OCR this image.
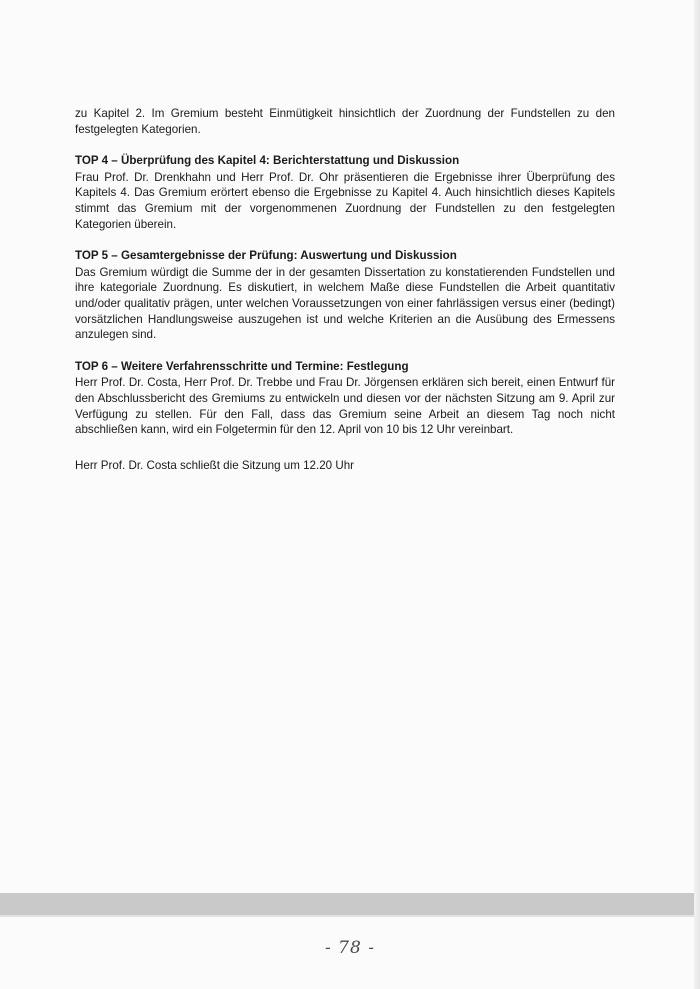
zu Kapitel 2. Im Gremium besteht Einmütigkeit hinsichtlich der Zuordnung der Fundstellen zu den festgelegten Kategorien.

TOP 4 – Überprüfung des Kapitel 4: Berichterstattung und Diskussion

Frau Prof. Dr. Drenkhahn und Herr Prof. Dr. Ohr präsentieren die Ergebnisse ihrer Überprüfung des Kapitels 4. Das Gremium erörtert ebenso die Ergebnisse zu Kapitel 4. Auch hinsichtlich dieses Kapitels stimmt das Gremium mit der vorgenommenen Zuordnung der Fundstellen zu den festgelegten Kategorien überein.

TOP 5 – Gesamtergebnisse der Prüfung: Auswertung und Diskussion

Das Gremium würdigt die Summe der in der gesamten Dissertation zu konstatierenden Fundstellen und ihre kategoriale Zuordnung. Es diskutiert, in welchem Maße diese Fundstellen die Arbeit quantitativ und/oder qualitativ prägen, unter welchen Voraussetzungen von einer fahrlässigen versus einer (bedingt) vorsätzlichen Handlungsweise auszugehen ist und welche Kriterien an die Ausübung des Ermessens anzulegen sind.

TOP 6 – Weitere Verfahrensschritte und Termine: Festlegung

Herr Prof. Dr. Costa, Herr Prof. Dr. Trebbe und Frau Dr. Jörgensen erklären sich bereit, einen Entwurf für den Abschlussbericht des Gremiums zu entwickeln und diesen vor der nächsten Sitzung am 9. April zur Verfügung zu stellen. Für den Fall, dass das Gremium seine Arbeit an diesem Tag noch nicht abschließen kann, wird ein Folgetermin für den 12. April von 10 bis 12 Uhr vereinbart.

Herr Prof. Dr. Costa schließt die Sitzung um 12.20 Uhr

- 78 -
